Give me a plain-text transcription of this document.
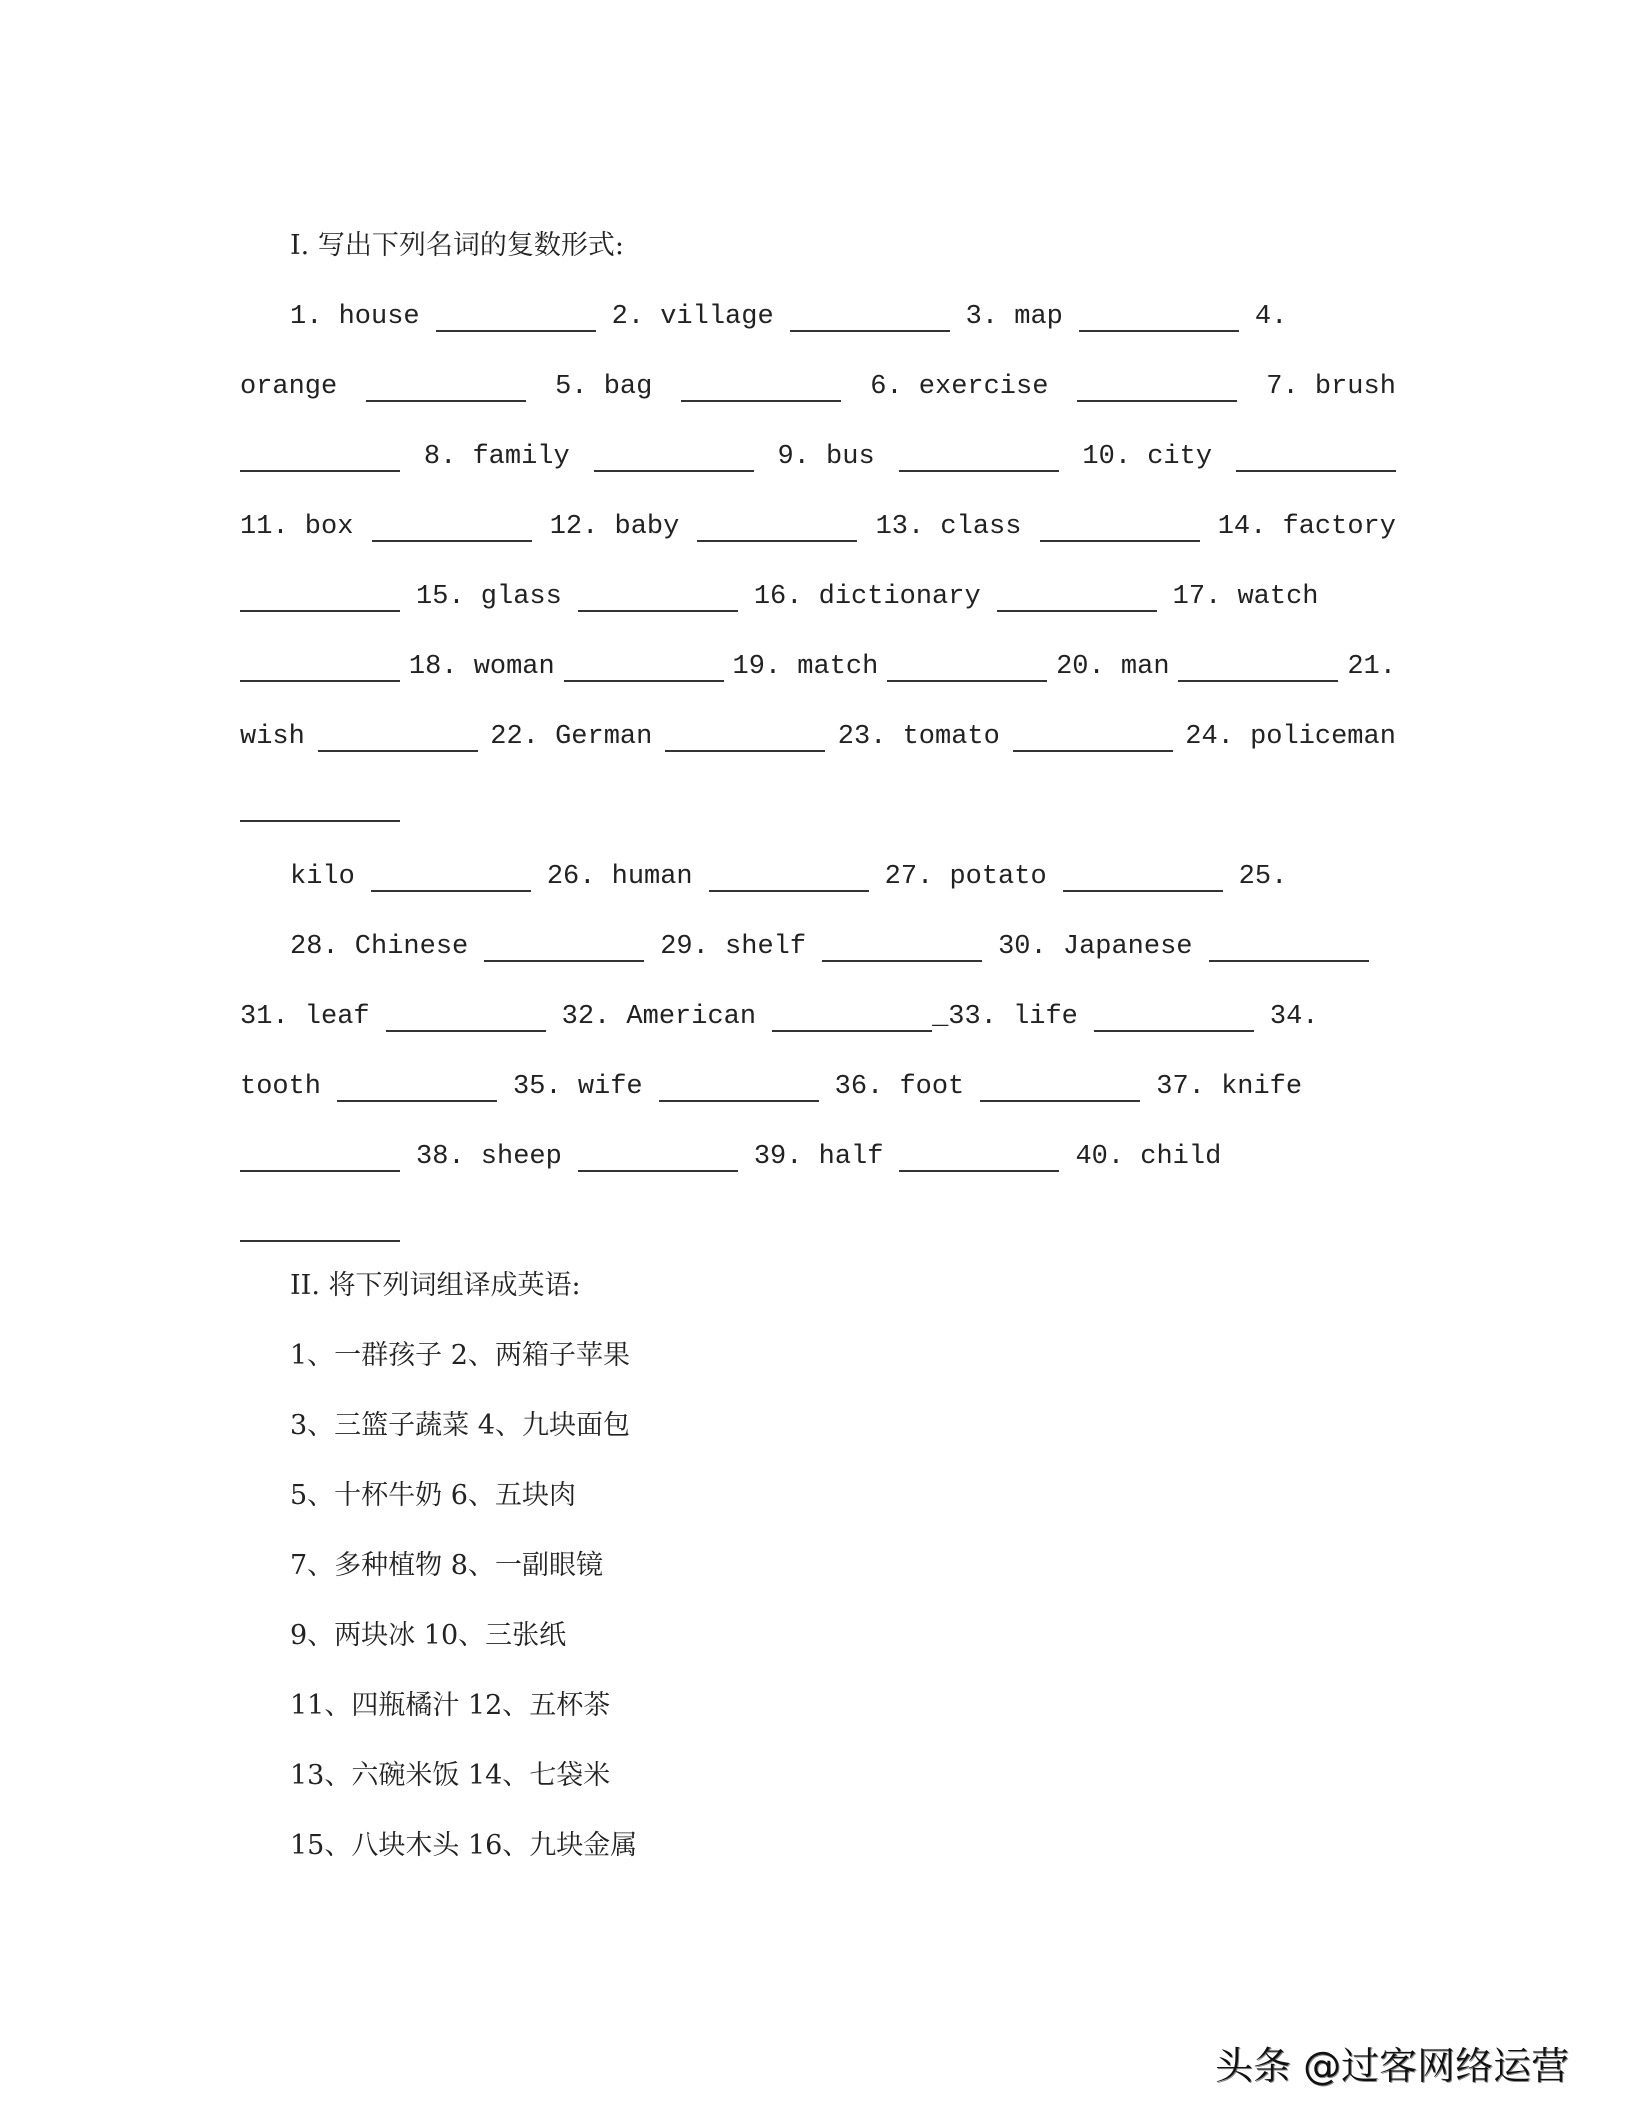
I. 写出下列名词的复数形式:
1. house	2. village	3. map	4.
orange	5. bag	6. exercise	7. brush
8. family	9. bus	10. city
11. box	12. baby	13. class	14. factory
15. glass	16. dictionary	17. watch
18. woman	19. match	20. man	21.
wish	22. German	23. tomato	24. policeman
kilo	26. human	27. potato	25.
28. Chinese	29. shelf	30. Japanese
31. leaf	32. American	_33. life	34.
tooth	35. wife	36. foot	37. knife
38. sheep	39. half	40. child
II. 将下列词组译成英语:
1、一群孩子 2、两箱子苹果
3、三篮子蔬菜 4、九块面包
5、十杯牛奶 6、五块肉
7、多种植物 8、一副眼镜
9、两块冰 10、三张纸
11、四瓶橘汁 12、五杯茶
13、六碗米饭 14、七袋米
15、八块木头 16、九块金属
头条 @过客网络运营
